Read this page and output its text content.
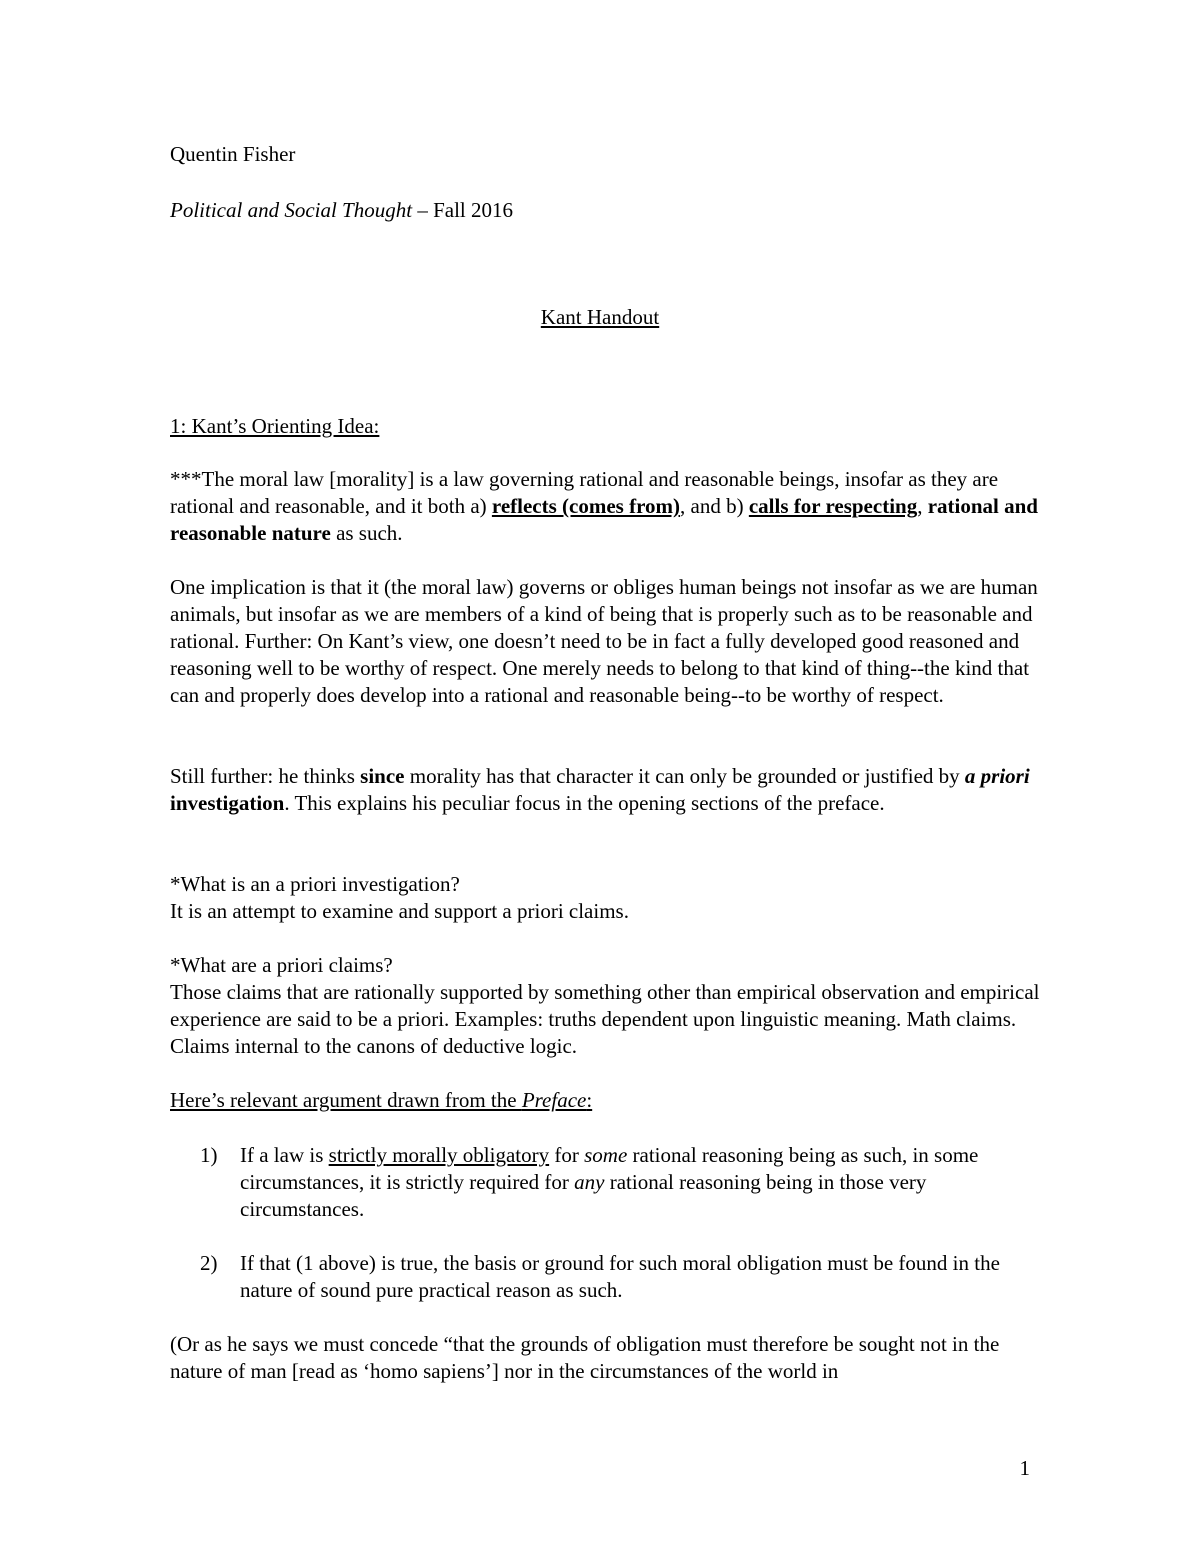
Quentin Fisher

Political and Social Thought – Fall 2016

Kant Handout

1: Kant’s Orienting Idea:

***The moral law [morality] is a law governing rational and reasonable beings, insofar as they are rational and reasonable, and it both a) reflects (comes from), and b) calls for respecting, rational and reasonable nature as such.

One implication is that it (the moral law) governs or obliges human beings not insofar as we are human animals, but insofar as we are members of a kind of being that is properly such as to be reasonable and rational. Further: On Kant’s view, one doesn’t need to be in fact a fully developed good reasoned and reasoning well to be worthy of respect. One merely needs to belong to that kind of thing--the kind that can and properly does develop into a rational and reasonable being--to be worthy of respect.

Still further: he thinks since morality has that character it can only be grounded or justified by a priori investigation. This explains his peculiar focus in the opening sections of the preface.

*What is an a priori investigation?

It is an attempt to examine and support a priori claims.

*What are a priori claims?

Those claims that are rationally supported by something other than empirical observation and empirical experience are said to be a priori. Examples: truths dependent upon linguistic meaning. Math claims. Claims internal to the canons of deductive logic.

Here’s relevant argument drawn from the Preface:

1) If a law is strictly morally obligatory for some rational reasoning being as such, in some circumstances, it is strictly required for any rational reasoning being in those very circumstances.

2) If that (1 above) is true, the basis or ground for such moral obligation must be found in the nature of sound pure practical reason as such.

(Or as he says we must concede “that the grounds of obligation must therefore be sought not in the nature of man [read as ‘homo sapiens’] nor in the circumstances of the world in

1
